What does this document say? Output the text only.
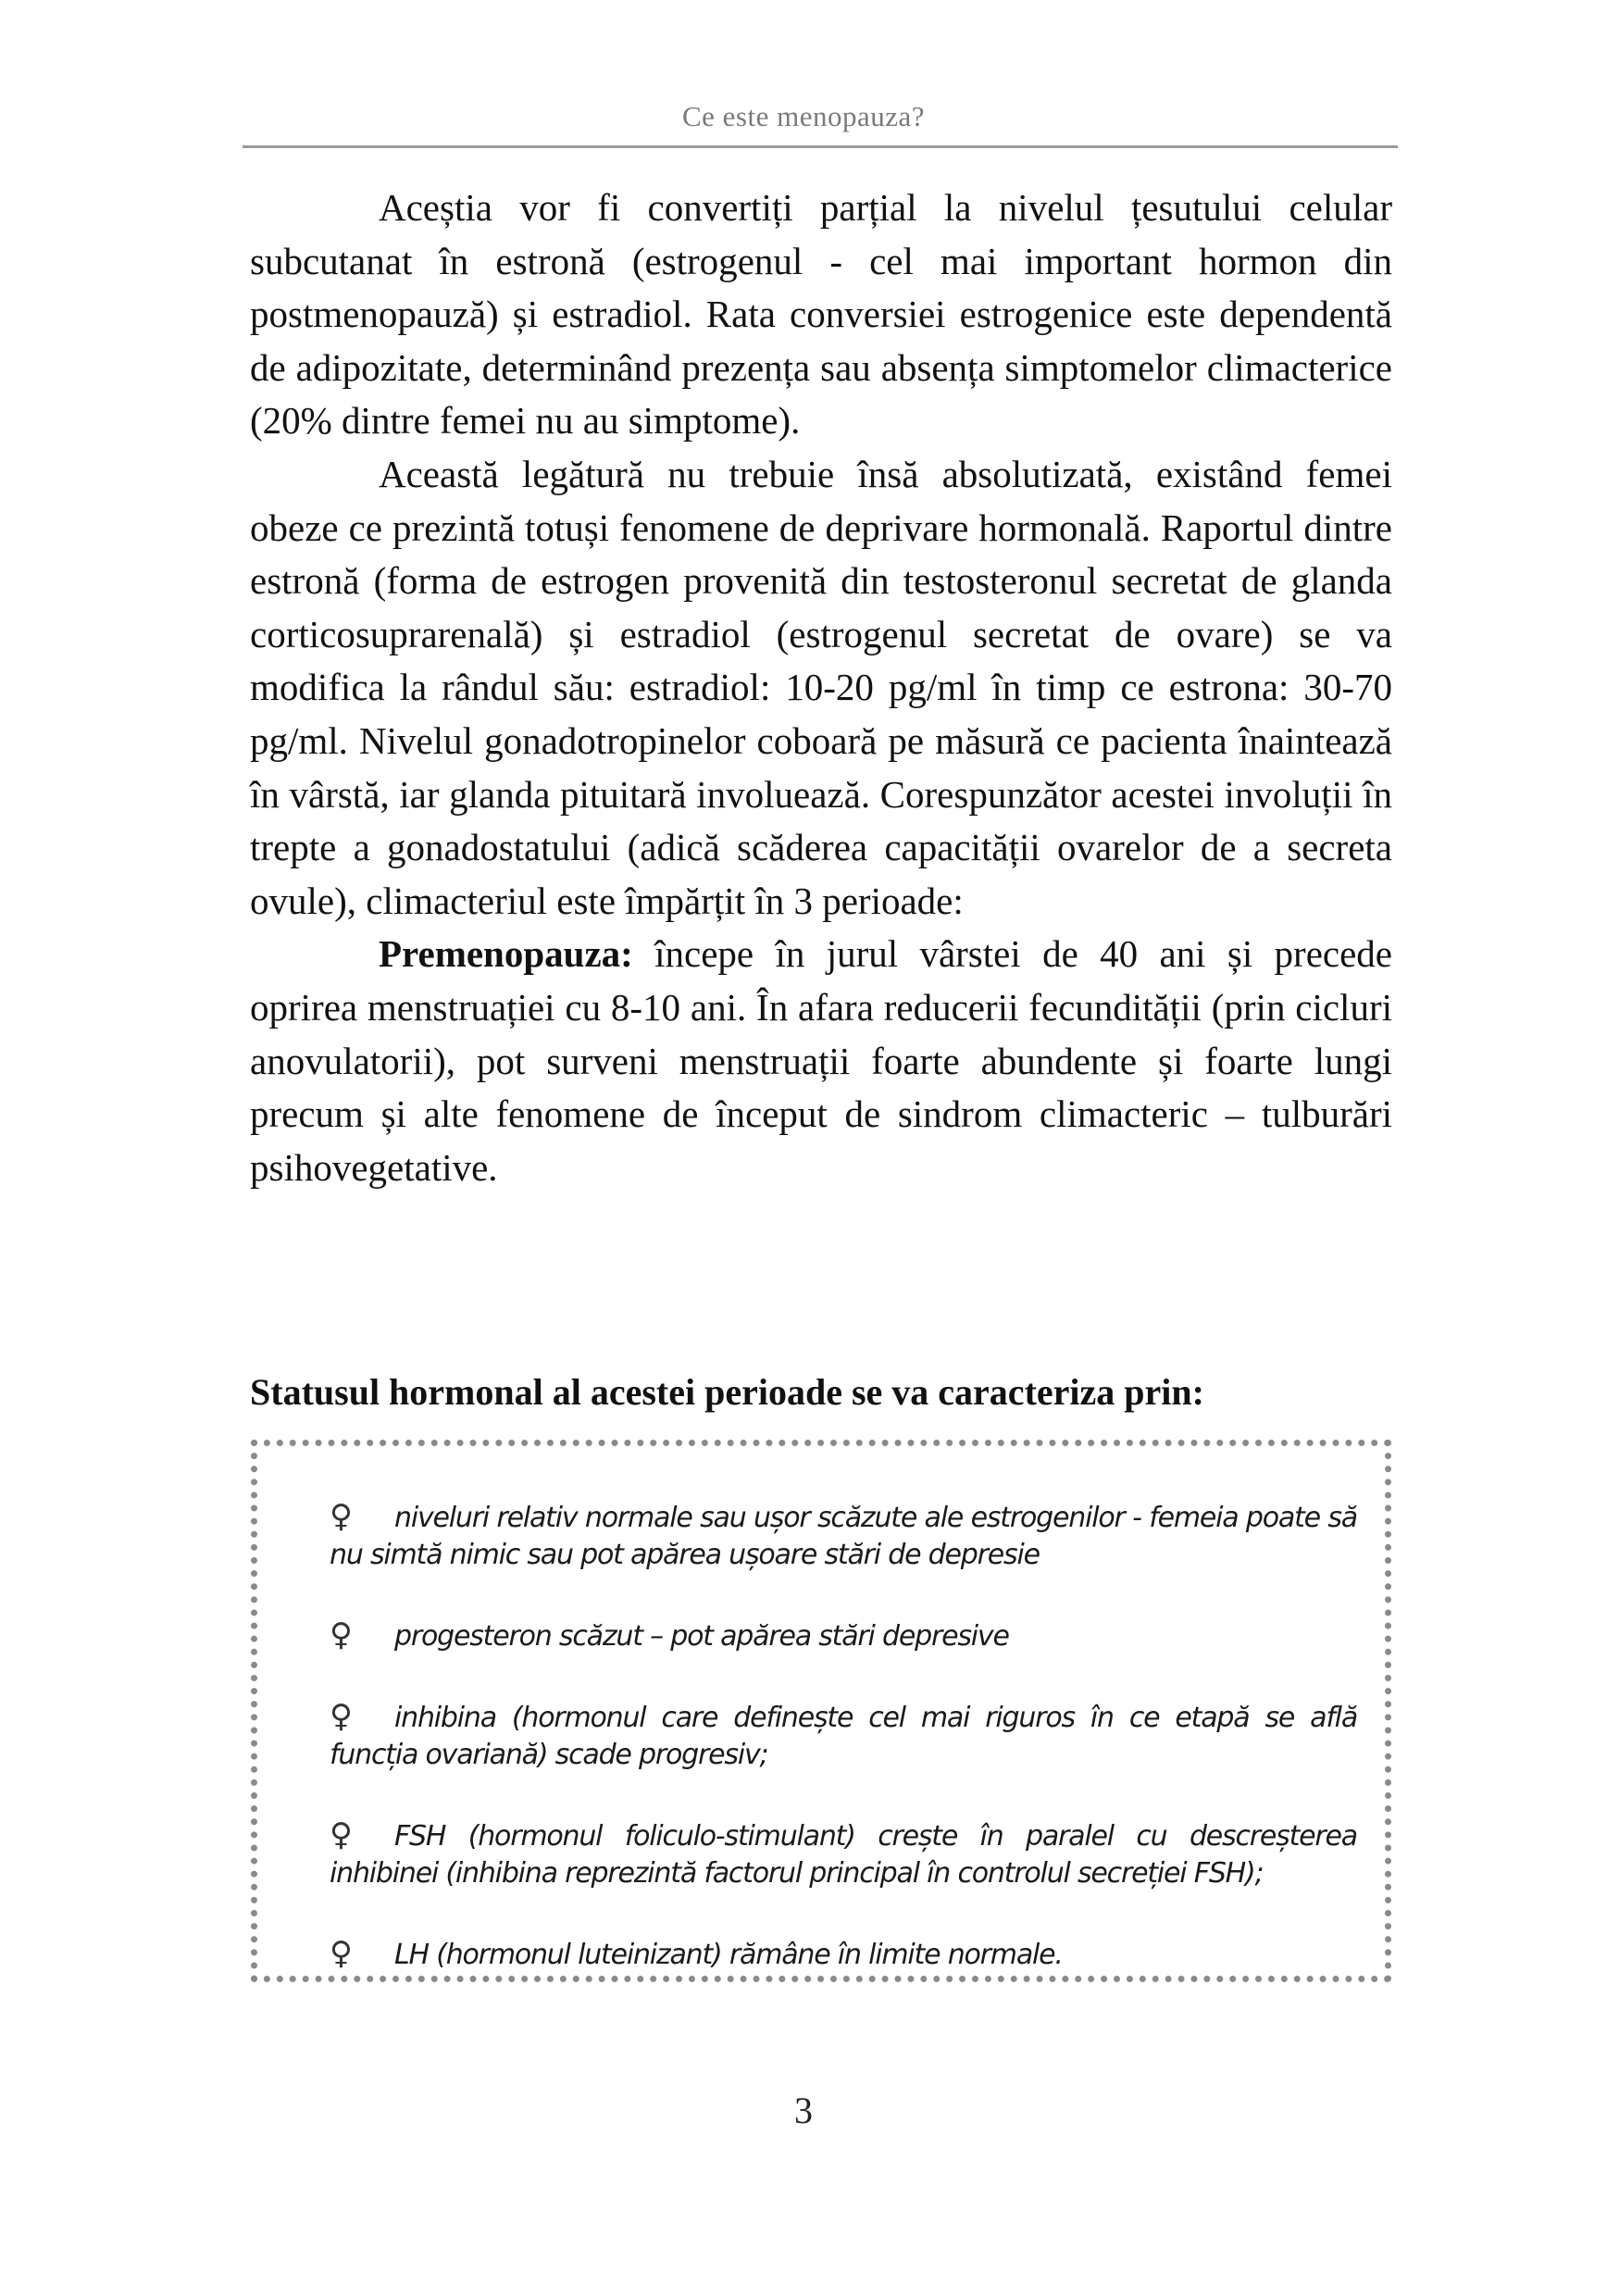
Ce este menopauza?

Aceștia vor fi convertiți parțial la nivelul țesutului celular subcutanat în estronă (estrogenul - cel mai important hormon din postmenopauză) și estradiol. Rata conversiei estrogenice este dependentă de adipozitate, determinând prezența sau absența simptomelor climacterice (20% dintre femei nu au simptome).

Această legătură nu trebuie însă absolutizată, existând femei obeze ce prezintă totuși fenomene de deprivare hormonală. Raportul dintre estronă (forma de estrogen provenită din testosteronul secretat de glanda corticosuprarenală) și estradiol (estrogenul secretat de ovare) se va modifica la rândul său: estradiol: 10-20 pg/ml în timp ce estrona: 30-70 pg/ml. Nivelul gonadotropinelor coboară pe măsură ce pacienta înaintează în vârstă, iar glanda pituitară involuează. Corespunzător acestei involuții în trepte a gonadostatului (adică scăderea capacității ovarelor de a secreta ovule), climacteriul este împărțit în 3 perioade:

Premenopauza: începe în jurul vârstei de 40 ani și precede oprirea menstruației cu 8-10 ani. În afara reducerii fecundității (prin cicluri anovulatorii), pot surveni menstruații foarte abundente și foarte lungi precum și alte fenomene de început de sindrom climacteric – tulburări psihovegetative.

Statusul hormonal al acestei perioade se va caracteriza prin:
♀ niveluri relativ normale sau ușor scăzute ale estrogenilor - femeia poate să nu simtă nimic sau pot apărea ușoare stări de depresie
♀ progesteron scăzut – pot apărea stări depresive
♀ inhibina (hormonul care definește cel mai riguros în ce etapă se află funcția ovariană) scade progresiv;
♀ FSH (hormonul foliculo-stimulant) crește în paralel cu descreșterea inhibinei (inhibina reprezintă factorul principal în controlul secreției FSH);
♀ LH (hormonul luteinizant) rămâne în limite normale.
3
